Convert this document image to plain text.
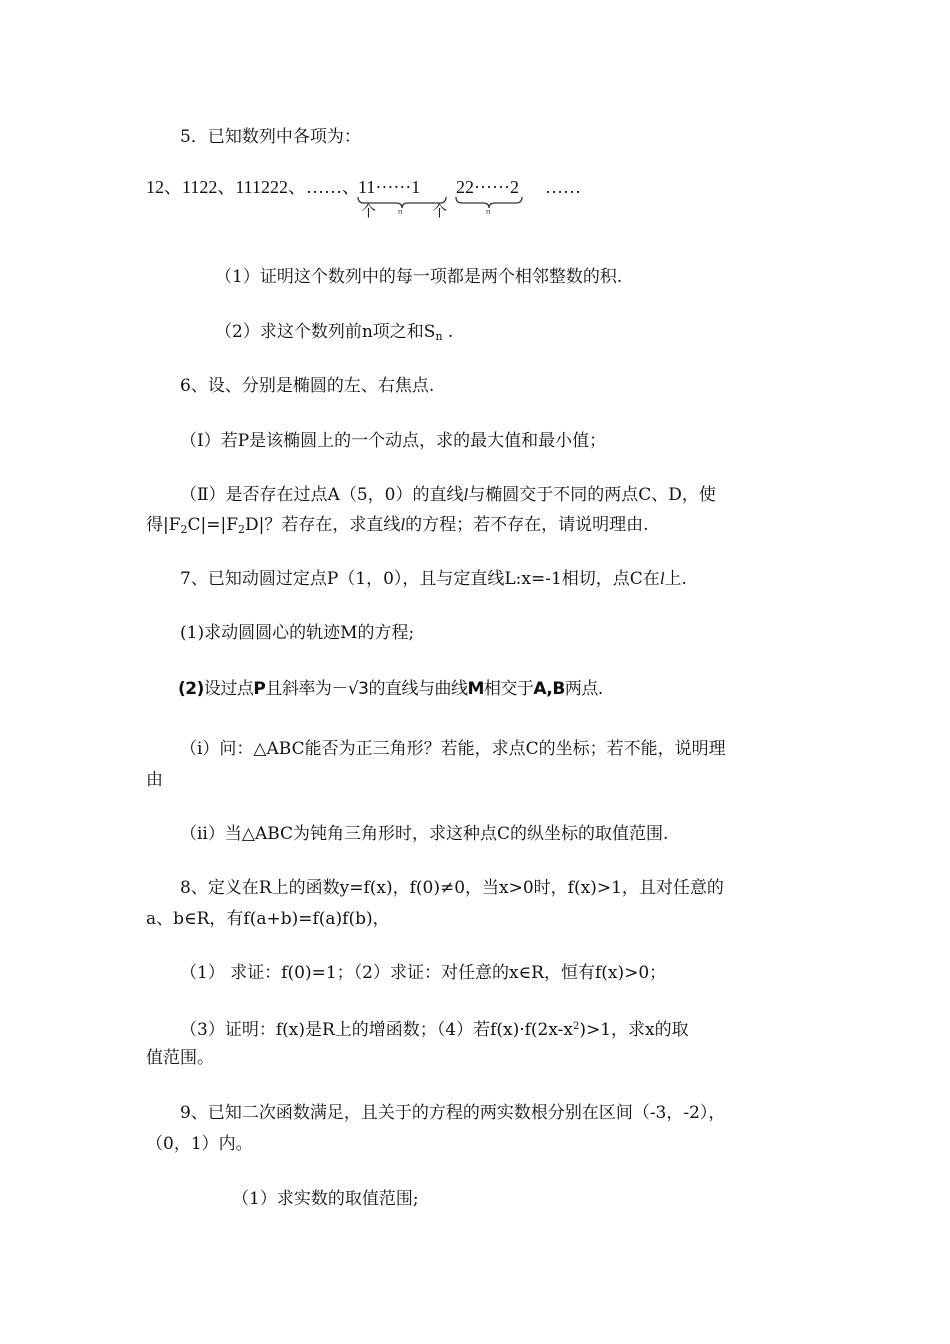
5．已知数列中各项为：
12、1122、111222、……、
11······1 22······2 ……
个	n 个	n
（1）证明这个数列中的每一项都是两个相邻整数的积.
（2）求这个数列前n项之和$S_n$ .
6、设、分别是椭圆的左、右焦点.
（Ⅰ）若P是该椭圆上的一个动点，求的最大值和最小值；
（Ⅱ）是否存在过点A（5，0）的直线l与椭圆交于不同的两点C、D，使
得$|F_2C|=|F_2D|$？若存在，求直线l的方程；若不存在，请说明理由.
7、已知动圆过定点P（1，0），且与定直线L:x=-1相切，点C在l上.
(1)求动圆圆心的轨迹M的方程;
(2)设过点P且斜率为－√3的直线与曲线M相交于A,B两点.
（i）问：△ABC能否为正三角形？若能，求点C的坐标；若不能，说明理
由
（ii）当△ABC为钝角三角形时，求这种点C的纵坐标的取值范围.
8、定义在R上的函数y=f(x)，f(0)≠0，当x>0时，f(x)>1，且对任意的
a、b∈R，有f(a+b)=f(a)f(b)，
（1） 求证：f(0)=1；（2）求证：对任意的x∈R，恒有f(x)>0；
（3）证明：f(x)是R上的增函数；（4）若$f(x)\cdot f(2x-x^2)>1$，求x的取
值范围。
9、已知二次函数满足，且关于的方程的两实数根分别在区间（-3，-2），
（0，1）内。
（1）求实数的取值范围;
